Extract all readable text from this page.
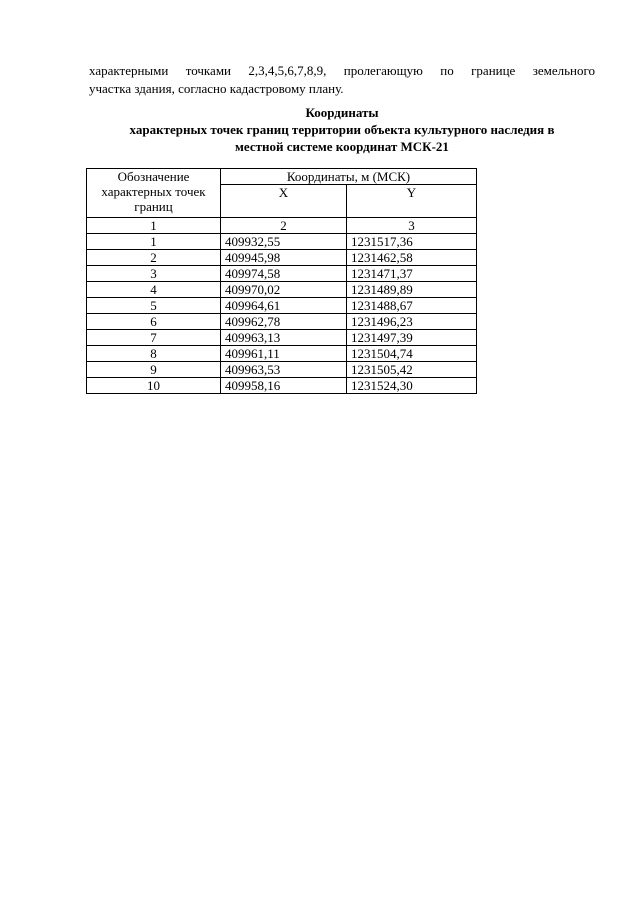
характерными точками 2,3,4,5,6,7,8,9, пролегающую по границе земельного
участка здания, согласно кадастровому плану.
Координаты
характерных точек границ территории объекта культурного наследия в
местной системе координат МСК-21
Обозначение характерных точек границ	Координаты, м (МСК)	
	X	Y
1	2	3
1	409932,55	1231517,36
2	409945,98	1231462,58
3	409974,58	1231471,37
4	409970,02	1231489,89
5	409964,61	1231488,67
6	409962,78	1231496,23
7	409963,13	1231497,39
8	409961,11	1231504,74
9	409963,53	1231505,42
10	409958,16	1231524,30
